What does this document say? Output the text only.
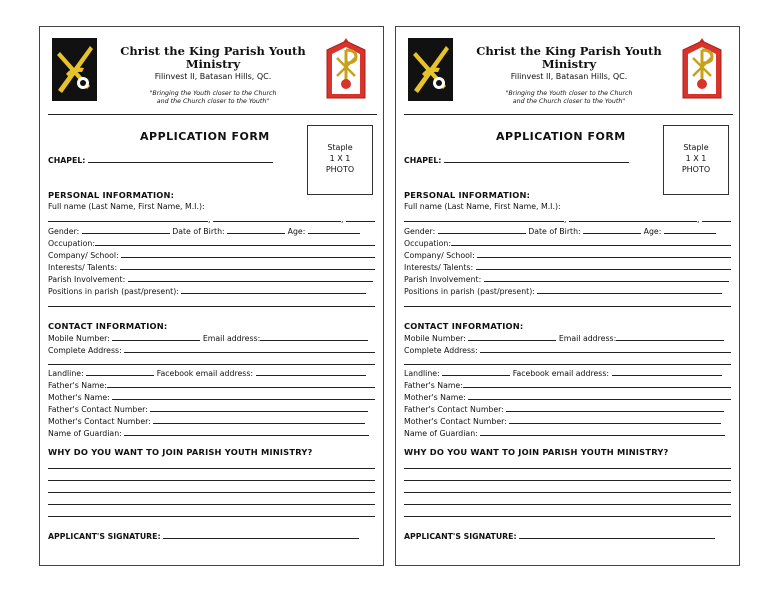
Christ the King Parish Youth Ministry
Filinvest II, Batasan Hills, QC.
"Bringing the Youth closer to the Church
and the Church closer to the Youth"
APPLICATION FORM
Staple
1 X 1
PHOTO
CHAPEL:
PERSONAL INFORMATION:
Full name (Last Name, First Name, M.I.):
,	,
Gender:	Date of Birth:	Age:
Occupation:
Company/ School:
Interests/ Talents:
Parish Involvement:
Positions in parish (past/present):
CONTACT INFORMATION:
Mobile Number:	Email address:
Complete Address:
Landline:	Facebook email address:
Father's Name:
Mother's Name:
Father's Contact Number:
Mother's Contact Number:
Name of Guardian:
WHY DO YOU WANT TO JOIN PARISH YOUTH MINISTRY?
APPLICANT'S SIGNATURE:
Christ the King Parish Youth Ministry
Filinvest II, Batasan Hills, QC.
"Bringing the Youth closer to the Church
and the Church closer to the Youth"
APPLICATION FORM
Staple
1 X 1
PHOTO
CHAPEL:
PERSONAL INFORMATION:
Full name (Last Name, First Name, M.I.):
,	,
Gender:	Date of Birth:	Age:
Occupation:
Company/ School:
Interests/ Talents:
Parish Involvement:
Positions in parish (past/present):
CONTACT INFORMATION:
Mobile Number:	Email address:
Complete Address:
Landline:	Facebook email address:
Father's Name:
Mother's Name:
Father's Contact Number:
Mother's Contact Number:
Name of Guardian:
WHY DO YOU WANT TO JOIN PARISH YOUTH MINISTRY?
APPLICANT'S SIGNATURE:
